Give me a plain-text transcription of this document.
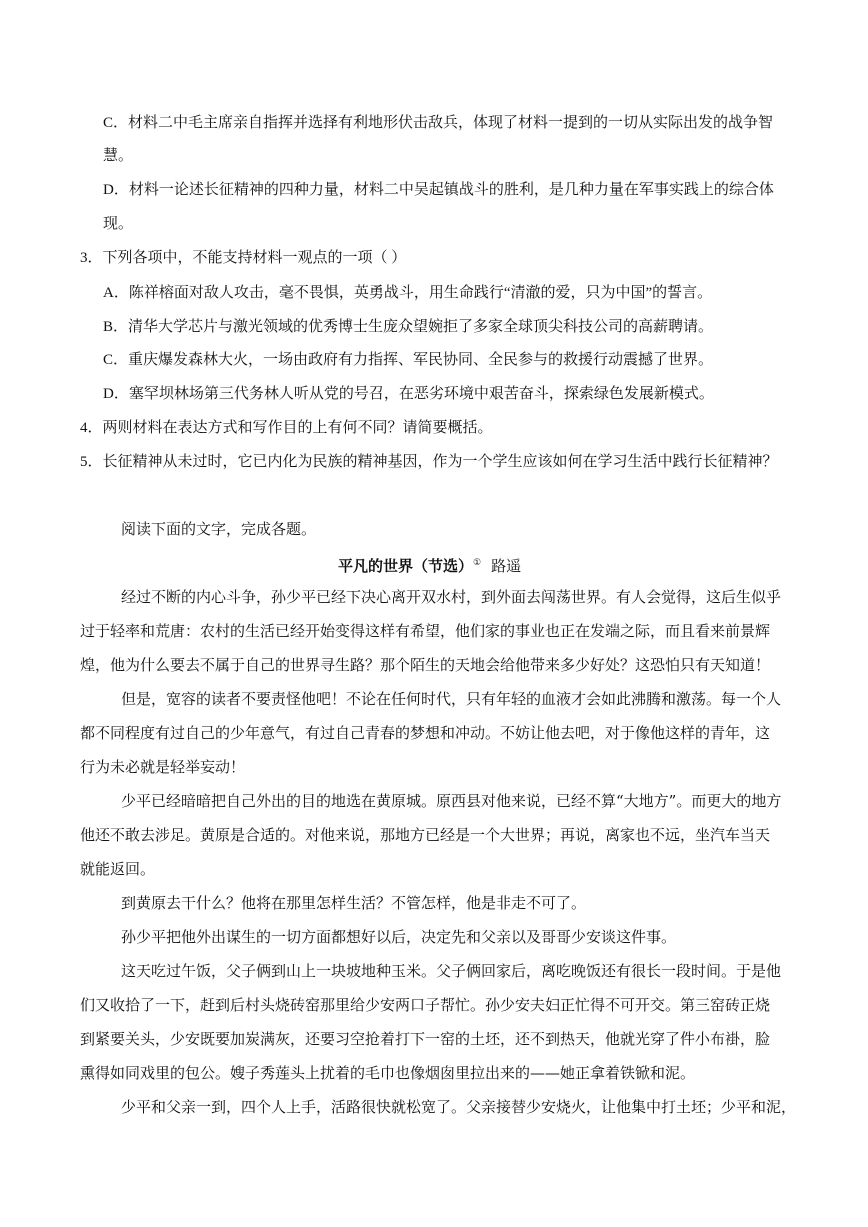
C．材料二中毛主席亲自指挥并选择有利地形伏击敌兵，体现了材料一提到的一切从实际出发的战争智
慧。
D．材料一论述长征精神的四种力量，材料二中吴起镇战斗的胜利，是几种力量在军事实践上的综合体
现。
3．下列各项中，不能支持材料一观点的一项（ ）
A．陈祥榕面对敌人攻击，毫不畏惧，英勇战斗，用生命践行“清澈的爱，只为中国”的誓言。
B．清华大学芯片与激光领域的优秀博士生庞众望婉拒了多家全球顶尖科技公司的高薪聘请。
C．重庆爆发森林大火，一场由政府有力指挥、军民协同、全民参与的救援行动震撼了世界。
D．塞罕坝林场第三代务林人听从党的号召，在恶劣环境中艰苦奋斗，探索绿色发展新模式。
4．两则材料在表达方式和写作目的上有何不同？请简要概括。
5．长征精神从未过时，它已内化为民族的精神基因，作为一个学生应该如何在学习生活中践行长征精神？
阅读下面的文字，完成各题。
平凡的世界（节选）① 路遥
经过不断的内心斗争，孙少平已经下决心离开双水村，到外面去闯荡世界。有人会觉得，这后生似乎
过于轻率和荒唐：农村的生活已经开始变得这样有希望，他们家的事业也正在发端之际，而且看来前景辉
煌，他为什么要去不属于自己的世界寻生路？那个陌生的天地会给他带来多少好处？这恐怕只有天知道！
但是，宽容的读者不要责怪他吧！不论在任何时代，只有年轻的血液才会如此沸腾和激荡。每一个人
都不同程度有过自己的少年意气，有过自己青春的梦想和冲动。不妨让他去吧，对于像他这样的青年，这
行为未必就是轻举妄动！
少平已经暗暗把自己外出的目的地选在黄原城。原西县对他来说，已经不算“大地方”。而更大的地方
他还不敢去涉足。黄原是合适的。对他来说，那地方已经是一个大世界；再说，离家也不远，坐汽车当天
就能返回。
到黄原去干什么？他将在那里怎样生活？不管怎样，他是非走不可了。
孙少平把他外出谋生的一切方面都想好以后，决定先和父亲以及哥哥少安谈这件事。
这天吃过午饭，父子俩到山上一块坡地种玉米。父子俩回家后，离吃晚饭还有很长一段时间。于是他
们又收拾了一下，赶到后村头烧砖窑那里给少安两口子帮忙。孙少安夫妇正忙得不可开交。第三窑砖正烧
到紧要关头，少安既要加炭满灰，还要习空抢着打下一窑的土坯，还不到热天，他就光穿了件小布褂，脸
熏得如同戏里的包公。嫂子秀莲头上扰着的毛巾也像烟囱里拉出来的——她正拿着铁锨和泥。
少平和父亲一到，四个人上手，活路很快就松宽了。父亲接替少安烧火，让他集中打土坯；少平和泥，
